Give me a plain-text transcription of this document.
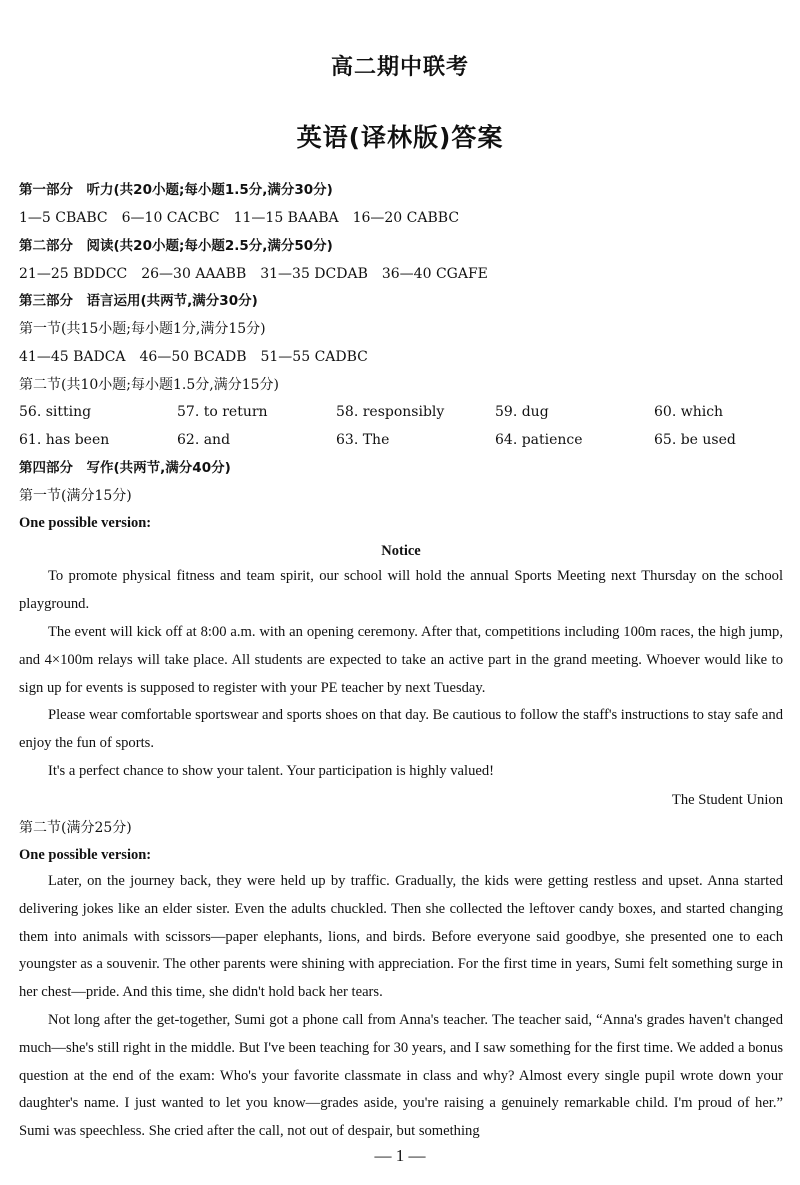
高二期中联考
英语(译林版)答案
第一部分　听力(共20小题;每小题1.5分,满分30分)
1—5 CBABC　6—10 CACBC　11—15 BAABA　16—20 CABBC
第二部分　阅读(共20小题;每小题2.5分,满分50分)
21—25 BDDCC　26—30 AAABB　31—35 DCDAB　36—40 CGAFE
第三部分　语言运用(共两节,满分30分)
第一节(共15小题;每小题1分,满分15分)
41—45 BADCA　46—50 BCADB　51—55 CADBC
第二节(共10小题;每小题1.5分,满分15分)
56. sitting	57. to return	58. responsibly	59. dug	60. which
61. has been	62. and	63. The	64. patience	65. be used
第四部分　写作(共两节,满分40分)
第一节(满分15分)
One possible version:
Notice
To promote physical fitness and team spirit, our school will hold the annual Sports Meeting next Thursday on the school playground.
The event will kick off at 8:00 a.m. with an opening ceremony. After that, competitions including 100m races, the high jump, and 4×100m relays will take place. All students are expected to take an active part in the grand meeting. Whoever would like to sign up for events is supposed to register with your PE teacher by next Tuesday.
Please wear comfortable sportswear and sports shoes on that day. Be cautious to follow the staff's instructions to stay safe and enjoy the fun of sports.
It's a perfect chance to show your talent. Your participation is highly valued!
The Student Union
第二节(满分25分)
One possible version:
Later, on the journey back, they were held up by traffic. Gradually, the kids were getting restless and upset. Anna started delivering jokes like an elder sister. Even the adults chuckled. Then she collected the leftover candy boxes, and started changing them into animals with scissors—paper elephants, lions, and birds. Before everyone said goodbye, she presented one to each youngster as a souvenir. The other parents were shining with appreciation. For the first time in years, Sumi felt something surge in her chest—pride. And this time, she didn't hold back her tears.
Not long after the get-together, Sumi got a phone call from Anna's teacher. The teacher said, “Anna's grades haven't changed much—she's still right in the middle. But I've been teaching for 30 years, and I saw something for the first time. We added a bonus question at the end of the exam: Who's your favorite classmate in class and why? Almost every single pupil wrote down your daughter's name. I just wanted to let you know—grades aside, you're raising a genuinely remarkable child. I'm proud of her.” Sumi was speechless. She cried after the call, not out of despair, but something
— 1 —
